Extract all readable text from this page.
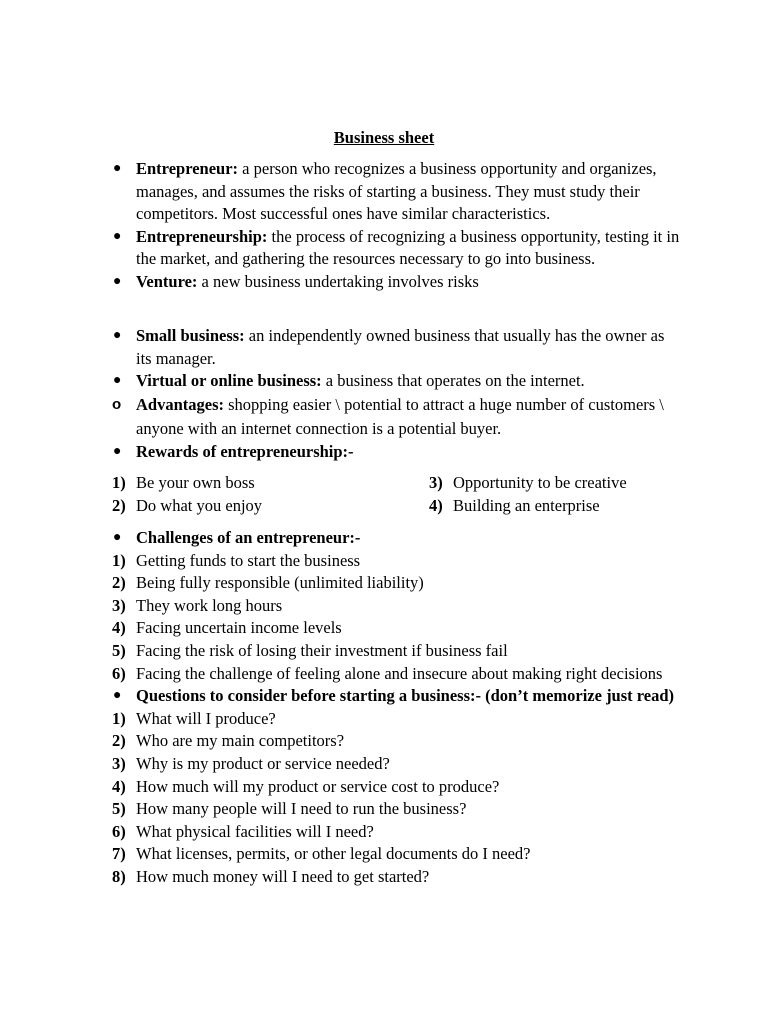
Business sheet
● Entrepreneur: a person who recognizes a business opportunity and organizes, manages, and assumes the risks of starting a business. They must study their competitors. Most successful ones have similar characteristics.
● Entrepreneurship: the process of recognizing a business opportunity, testing it in the market, and gathering the resources necessary to go into business.
● Venture: a new business undertaking involves risks
● Small business: an independently owned business that usually has the owner as its manager.
● Virtual or online business: a business that operates on the internet.
o Advantages: shopping easier \ potential to attract a huge number of customers \ anyone with an internet connection is a potential buyer.
● Rewards of entrepreneurship:-
1) Be your own boss
2) Do what you enjoy
3) Opportunity to be creative
4) Building an enterprise
● Challenges of an entrepreneur:-
1) Getting funds to start the business
2) Being fully responsible (unlimited liability)
3) They work long hours
4) Facing uncertain income levels
5) Facing the risk of losing their investment if business fail
6) Facing the challenge of feeling alone and insecure about making right decisions
● Questions to consider before starting a business:- (don’t memorize just read)
1) What will I produce?
2) Who are my main competitors?
3) Why is my product or service needed?
4) How much will my product or service cost to produce?
5) How many people will I need to run the business?
6) What physical facilities will I need?
7) What licenses, permits, or other legal documents do I need?
8) How much money will I need to get started?
